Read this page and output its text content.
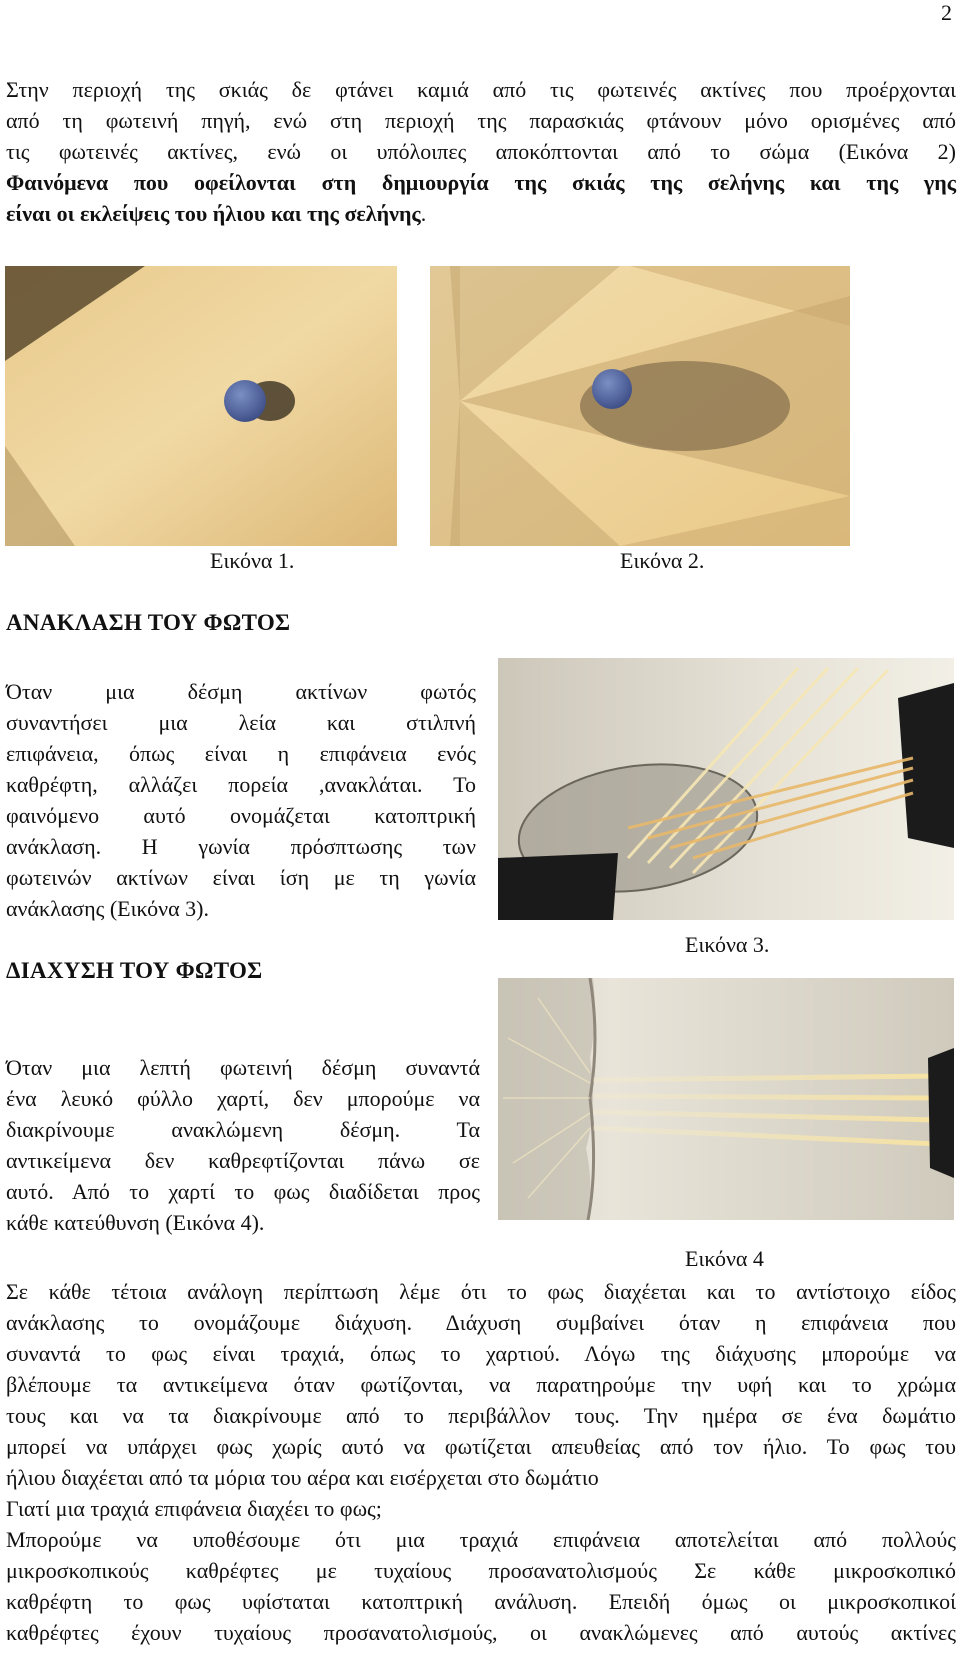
2
Στην περιοχή της σκιάς δε φτάνει καμιά από τις φωτεινές ακτίνες που προέρχονται
από τη φωτεινή πηγή, ενώ στη περιοχή της παρασκιάς φτάνουν μόνο ορισμένες από
τις φωτεινές ακτίνες, ενώ οι υπόλοιπες αποκόπτονται από το σώμα (Εικόνα 2)
Φαινόμενα που οφείλονται στη δημιουργία της σκιάς της σελήνης και της γης
είναι οι εκλείψεις του ήλιου και της σελήνης.
Εικόνα 1.	Εικόνα 2.
ΑΝΑΚΛΑΣΗ ΤΟΥ ΦΩΤΟΣ
Όταν μια δέσμη ακτίνων φωτός
συναντήσει μια λεία και στιλπνή
επιφάνεια, όπως είναι η επιφάνεια ενός
καθρέφτη, αλλάζει πορεία ,ανακλάται. Το
φαινόμενο αυτό ονομάζεται κατοπτρική
ανάκλαση. Η γωνία πρόσπτωσης των
φωτεινών ακτίνων είναι ίση με τη γωνία
ανάκλασης (Εικόνα 3).
Εικόνα 3.
ΔΙΑΧΥΣΗ ΤΟΥ ΦΩΤΟΣ
Όταν μια λεπτή φωτεινή δέσμη συναντά
ένα λευκό φύλλο χαρτί, δεν μπορούμε να
διακρίνουμε ανακλώμενη δέσμη. Τα
αντικείμενα δεν καθρεφτίζονται πάνω σε
αυτό. Από το χαρτί το φως διαδίδεται προς
κάθε κατεύθυνση (Εικόνα 4).
Εικόνα 4
Σε κάθε τέτοια ανάλογη περίπτωση λέμε ότι το φως διαχέεται και το αντίστοιχο είδος
ανάκλασης το ονομάζουμε διάχυση. Διάχυση συμβαίνει όταν η επιφάνεια που
συναντά το φως είναι τραχιά, όπως το χαρτιού. Λόγω της διάχυσης μπορούμε να
βλέπουμε τα αντικείμενα όταν φωτίζονται, να παρατηρούμε την υφή και το χρώμα
τους και να τα διακρίνουμε από το περιβάλλον τους. Την ημέρα σε ένα δωμάτιο
μπορεί να υπάρχει φως χωρίς αυτό να φωτίζεται απευθείας από τον ήλιο. Το φως του
ήλιου διαχέεται από τα μόρια του αέρα και εισέρχεται στο δωμάτιο
Γιατί μια τραχιά επιφάνεια διαχέει το φως;
Μπορούμε να υποθέσουμε ότι μια τραχιά επιφάνεια αποτελείται από πολλούς
μικροσκοπικούς καθρέφτες με τυχαίους προσανατολισμούς Σε κάθε μικροσκοπικό
καθρέφτη το φως υφίσταται κατοπτρική ανάλυση. Επειδή όμως οι μικροσκοπικοί
καθρέφτες έχουν τυχαίους προσανατολισμούς, οι ανακλώμενες από αυτούς ακτίνες
